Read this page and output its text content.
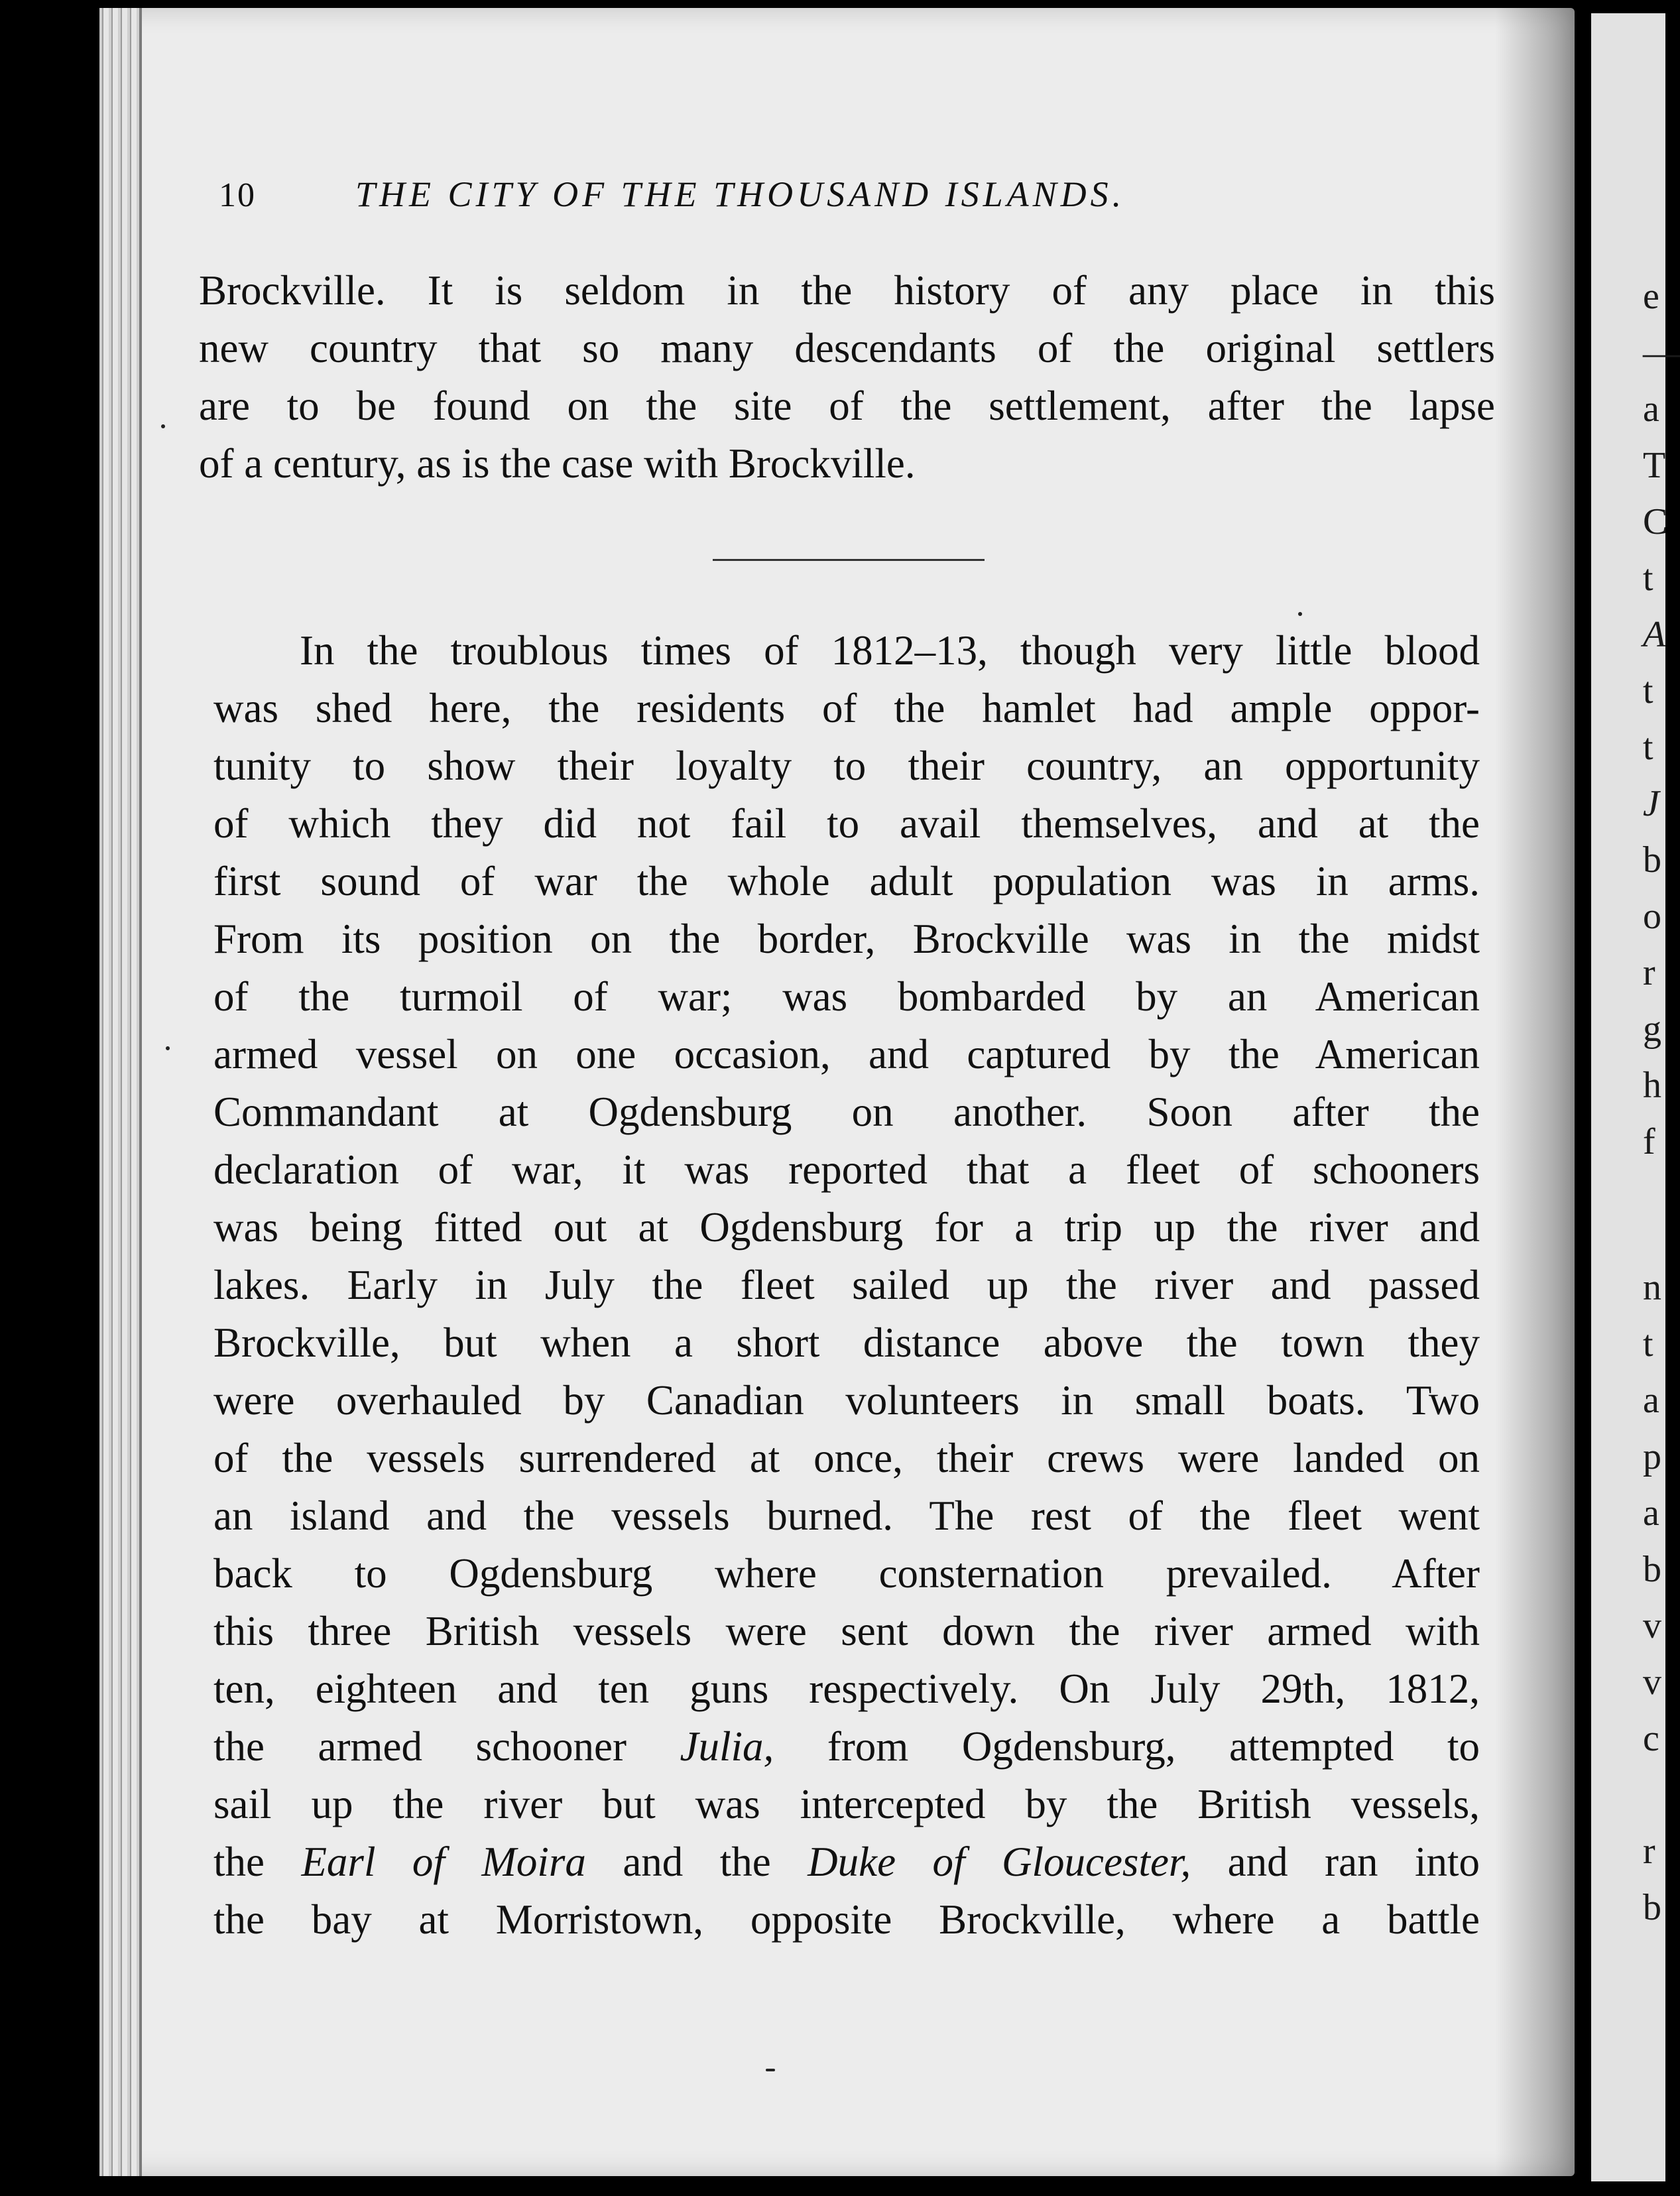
e
—
a
T
C
t
A
t
t
J
b
o
r
g
h
f
n
t
a
p
a
b
v
v
c
r
b
10	THE CITY OF THE THOUSAND ISLANDS.
Brockville. It is seldom in the history of any place in this
new country that so many descendants of the original settlers
are to be found on the site of the settlement, after the lapse
of a century, as is the case with Brockville.
In the troublous times of 1812–13, though very little blood
was shed here, the residents of the hamlet had ample oppor-
tunity to show their loyalty to their country, an opportunity
of which they did not fail to avail themselves, and at the
first sound of war the whole adult population was in arms.
From its position on the border, Brockville was in the midst
of the turmoil of war; was bombarded by an American
armed vessel on one occasion, and captured by the American
Commandant at Ogdensburg on another. Soon after the
declaration of war, it was reported that a fleet of schooners
was being fitted out at Ogdensburg for a trip up the river and
lakes. Early in July the fleet sailed up the river and passed
Brockville, but when a short distance above the town they
were overhauled by Canadian volunteers in small boats. Two
of the vessels surrendered at once, their crews were landed on
an island and the vessels burned. The rest of the fleet went
back to Ogdensburg where consternation prevailed. After
this three British vessels were sent down the river armed with
ten, eighteen and ten guns respectively. On July 29th, 1812,
the armed schooner Julia, from Ogdensburg, attempted to
sail up the river but was intercepted by the British vessels,
the Earl of Moira and the Duke of Gloucester, and ran into
the bay at Morristown, opposite Brockville, where a battle
